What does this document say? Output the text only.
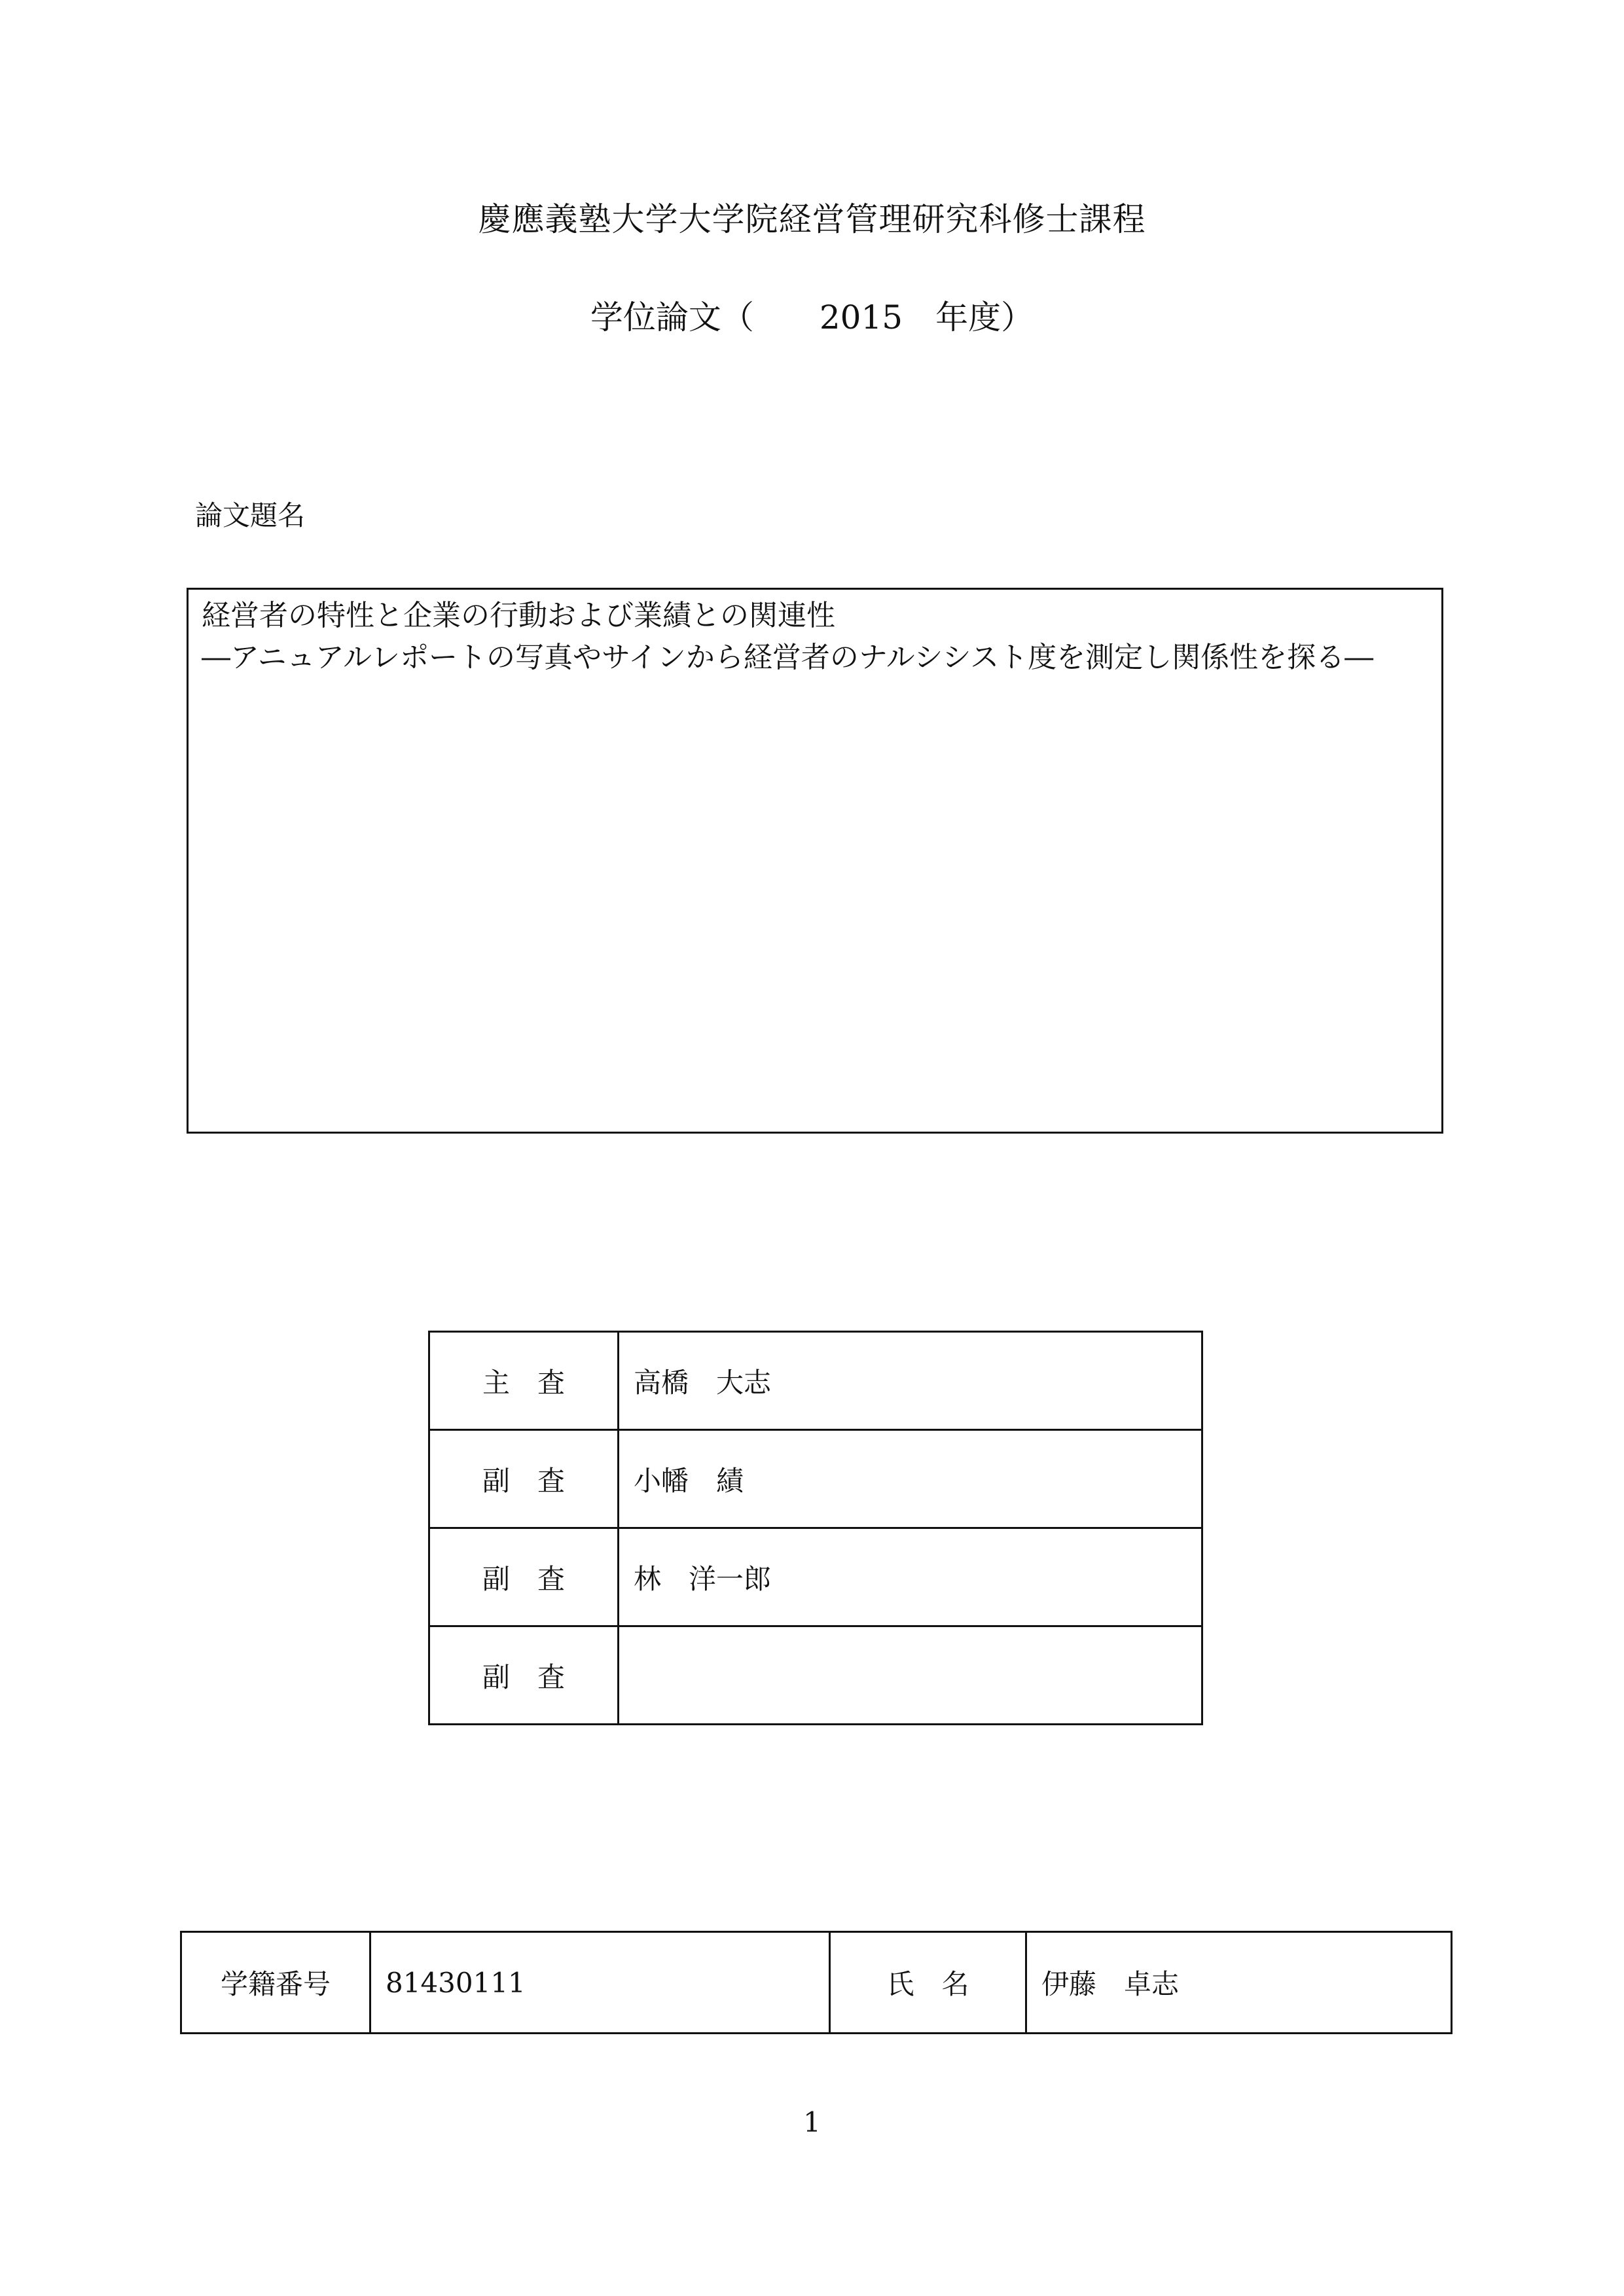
慶應義塾大学大学院経営管理研究科修士課程
学位論文（　　2015　年度）
論文題名
経営者の特性と企業の行動および業績との関連性
―アニュアルレポートの写真やサインから経営者のナルシシスト度を測定し関係性を探る―
主　査	高橋　大志
副　査	小幡　績
副　査	林　洋一郎
副　査	
学籍番号	81430111	氏　名	伊藤　卓志
1
